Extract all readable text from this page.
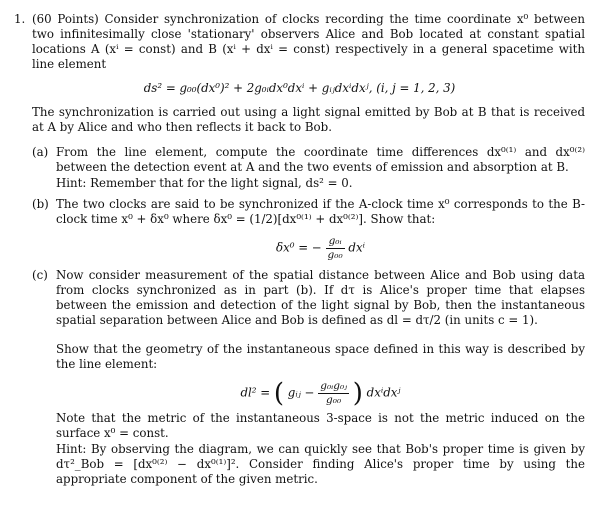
1. (60 Points) Consider synchronization of clocks recording the time coordinate x⁰ between two infinitesimally close 'stationary' observers Alice and Bob located at constant spatial locations A (xⁱ = const) and B (xⁱ + dxⁱ = const) respectively in a general spacetime with line element

ds² = g₀₀(dx⁰)² + 2g₀ᵢdx⁰dxⁱ + gᵢⱼdxⁱdxʲ, (i, j = 1, 2, 3)

The synchronization is carried out using a light signal emitted by Bob at B that is received at A by Alice and who then reflects it back to Bob.

(a) From the line element, compute the coordinate time differences dx⁰⁽¹⁾ and dx⁰⁽²⁾ between the detection event at A and the two events of emission and absorption at B.

Hint: Remember that for the light signal, ds² = 0.

(b) The two clocks are said to be synchronized if the A-clock time x⁰ corresponds to the B-clock time x⁰ + δx⁰ where δx⁰ = (1/2)[dx⁰⁽¹⁾ + dx⁰⁽²⁾]. Show that:

δx⁰ = − $\frac{\text{g₀ᵢ}}{\text{g₀₀}}$ dxⁱ
(c) Now consider measurement of the spatial distance between Alice and Bob using data from clocks synchronized as in part (b). If dτ is Alice's proper time that elapses between the emission and detection of the light signal by Bob, then the instantaneous spatial separation between Alice and Bob is defined as dl = dτ/2 (in units c = 1).

Show that the geometry of the instantaneous space defined in this way is described by the line element:

dl² = ( gᵢⱼ − $\frac{\text{g₀ᵢg₀ⱼ}}{\text{g₀₀}}$ ) dxⁱdxʲ

Note that the metric of the instantaneous 3-space is not the metric induced on the surface x⁰ = const.

Hint: By observing the diagram, we can quickly see that Bob's proper time is given by dτ²_Bob = [dx⁰⁽²⁾ − dx⁰⁽¹⁾]². Consider finding Alice's proper time by using the appropriate component of the given metric.
